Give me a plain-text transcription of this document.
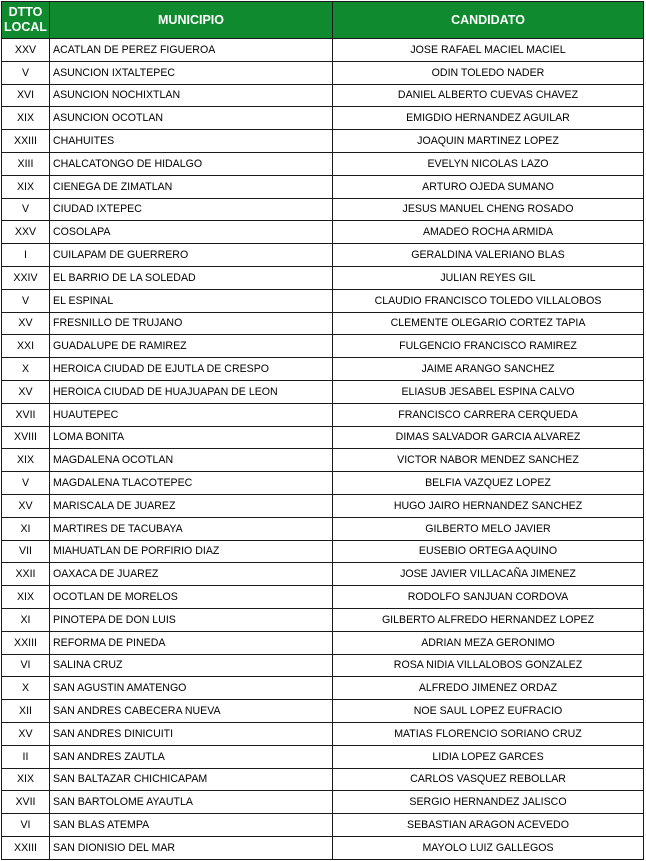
DTTO
LOCAL	MUNICIPIO	CANDIDATO
XXV	ACATLAN DE PEREZ FIGUEROA	JOSE RAFAEL MACIEL MACIEL
V	ASUNCION IXTALTEPEC	ODIN TOLEDO NADER
XVI	ASUNCION NOCHIXTLAN	DANIEL ALBERTO CUEVAS CHAVEZ
XIX	ASUNCION OCOTLAN	EMIGDIO HERNANDEZ AGUILAR
XXIII	CHAHUITES	JOAQUIN MARTINEZ LOPEZ
XIII	CHALCATONGO DE HIDALGO	EVELYN NICOLAS LAZO
XIX	CIENEGA DE ZIMATLAN	ARTURO OJEDA SUMANO
V	CIUDAD IXTEPEC	JESUS MANUEL CHENG ROSADO
XXV	COSOLAPA	AMADEO ROCHA ARMIDA
I	CUILAPAM DE GUERRERO	GERALDINA VALERIANO BLAS
XXIV	EL BARRIO DE LA SOLEDAD	JULIAN REYES GIL
V	EL ESPINAL	CLAUDIO FRANCISCO TOLEDO VILLALOBOS
XV	FRESNILLO DE TRUJANO	CLEMENTE OLEGARIO CORTEZ TAPIA
XXI	GUADALUPE DE RAMIREZ	FULGENCIO FRANCISCO RAMIREZ
X	HEROICA CIUDAD DE EJUTLA DE CRESPO	JAIME ARANGO SANCHEZ
XV	HEROICA CIUDAD DE HUAJUAPAN DE LEON	ELIASUB JESABEL ESPINA CALVO
XVII	HUAUTEPEC	FRANCISCO CARRERA CERQUEDA
XVIII	LOMA BONITA	DIMAS SALVADOR GARCIA ALVAREZ
XIX	MAGDALENA OCOTLAN	VICTOR NABOR MENDEZ SANCHEZ
V	MAGDALENA TLACOTEPEC	BELFIA VAZQUEZ LOPEZ
XV	MARISCALA DE JUAREZ	HUGO JAIRO HERNANDEZ SANCHEZ
XI	MARTIRES DE TACUBAYA	GILBERTO MELO JAVIER
VII	MIAHUATLAN DE PORFIRIO DIAZ	EUSEBIO ORTEGA AQUINO
XXII	OAXACA DE JUAREZ	JOSE JAVIER VILLACAÑA JIMENEZ
XIX	OCOTLAN DE MORELOS	RODOLFO SANJUAN CORDOVA
XI	PINOTEPA DE DON LUIS	GILBERTO ALFREDO HERNANDEZ LOPEZ
XXIII	REFORMA DE PINEDA	ADRIAN MEZA GERONIMO
VI	SALINA CRUZ	ROSA NIDIA VILLALOBOS GONZALEZ
X	SAN AGUSTIN AMATENGO	ALFREDO JIMENEZ ORDAZ
XII	SAN ANDRES CABECERA NUEVA	NOE SAUL LOPEZ EUFRACIO
XV	SAN ANDRES DINICUITI	MATIAS FLORENCIO SORIANO CRUZ
II	SAN ANDRES ZAUTLA	LIDIA LOPEZ GARCES
XIX	SAN BALTAZAR CHICHICAPAM	CARLOS VASQUEZ REBOLLAR
XVII	SAN BARTOLOME AYAUTLA	SERGIO HERNANDEZ JALISCO
VI	SAN BLAS ATEMPA	SEBASTIAN ARAGON ACEVEDO
XXIII	SAN DIONISIO DEL MAR	MAYOLO LUIZ GALLEGOS
